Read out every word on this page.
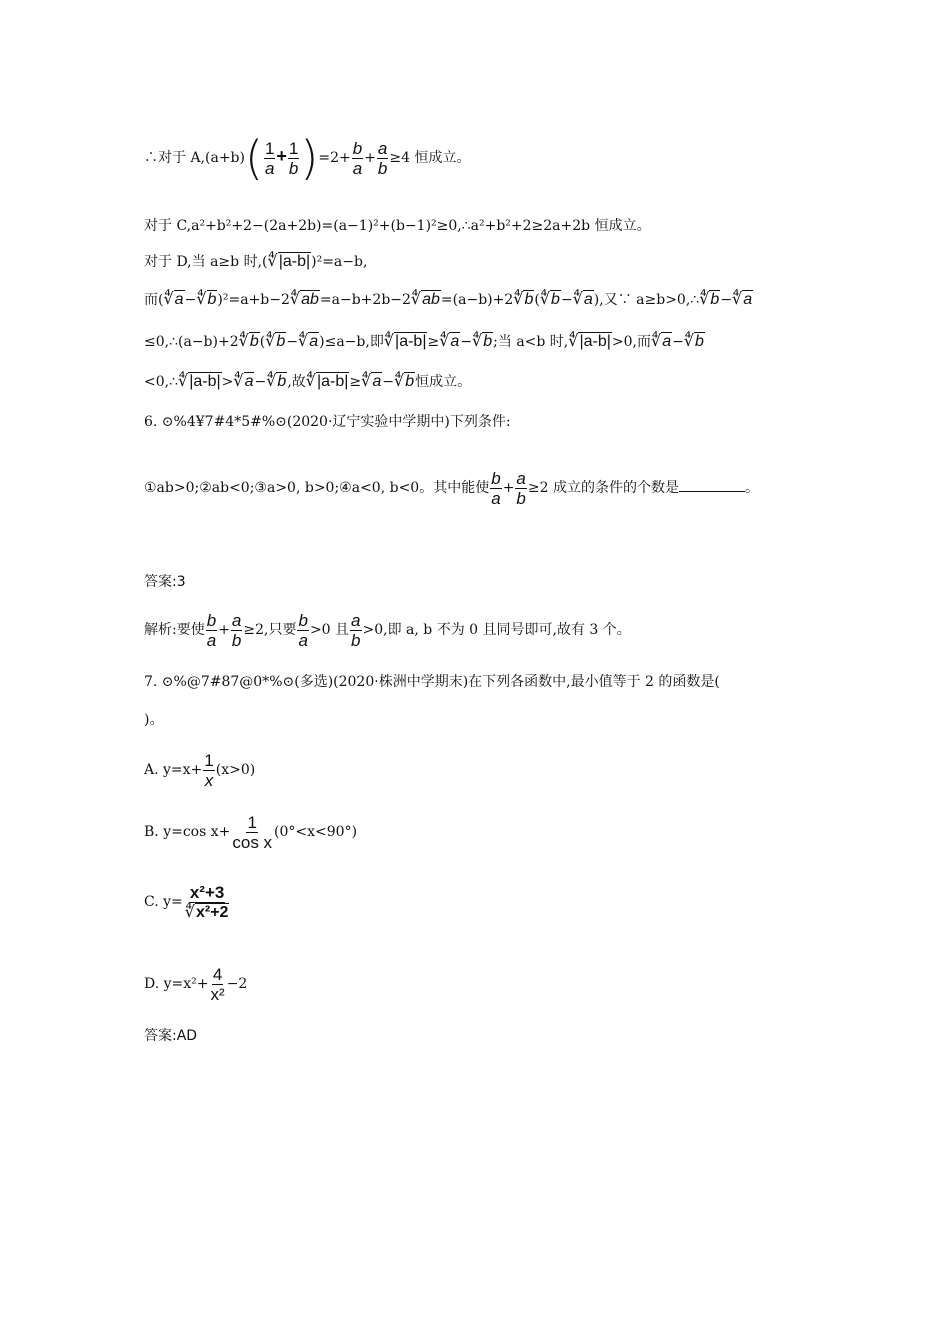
∴对于 $A,(a+b)( \frac{1}{a} + \frac{1}{b} )=2+ \frac{b}{a} + \frac{a}{b} \ge 4$ 恒成立。
对于 C,a²+b²+2−(2a+2b)=(a−1)²+(b−1)²≥0,∴a²+b²+2≥2a+2b 恒成立。
对于 D,当 a≥b 时,(∜|a-b|)²=a−b,
而(∜a−∜b)²=a+b−2∜ab=a−b+2b−2∜ab=(a−b)+2∜b(∜b−∜a),又∵ a≥b>0,∴∜b−∜a
≤0,∴(a−b)+2∜b(∜b−∜a)≤a−b,即∜|a-b|≥∜a−∜b;当 a<b 时,∜|a-b|>0,而∜a−∜b
<0,∴∜|a-b|>∜a−∜b,故∜|a-b|≥∜a−∜b恒成立。
6. ⊙%4¥7#4*5#%⊙(2020·辽宁实验中学期中)下列条件:
①ab>0;②ab<0;③a>0, b>0;④a<0, b<0。其中能使 $\frac{b}{a} + \frac{a}{b} \ge 2$ 成立的条件的个数是	。
答案:3
解析:要使 $\frac{b}{a} + \frac{a}{b} \ge 2$,只要 $\frac{b}{a} >0$ 且 $\frac{a}{b} >0$,即 a, b 不为 0 且同号即可,故有 3 个。
7. ⊙%@7#87@0*%⊙(多选)(2020·株洲中学期末)在下列各函数中,最小值等于 2 的函数是(
)。
A. $y=x+ \frac{1}{x} (x>0)$
B. y=cos $x+ \frac{1}{\text{cos x}} (0^\circ<x<90^\circ)$
C. $y= \frac{\text{x²+3}}{\text{∜x²+2}}$
D. $y=x^2+ \frac{4}{\text{x²}} -2$
答案:AD
